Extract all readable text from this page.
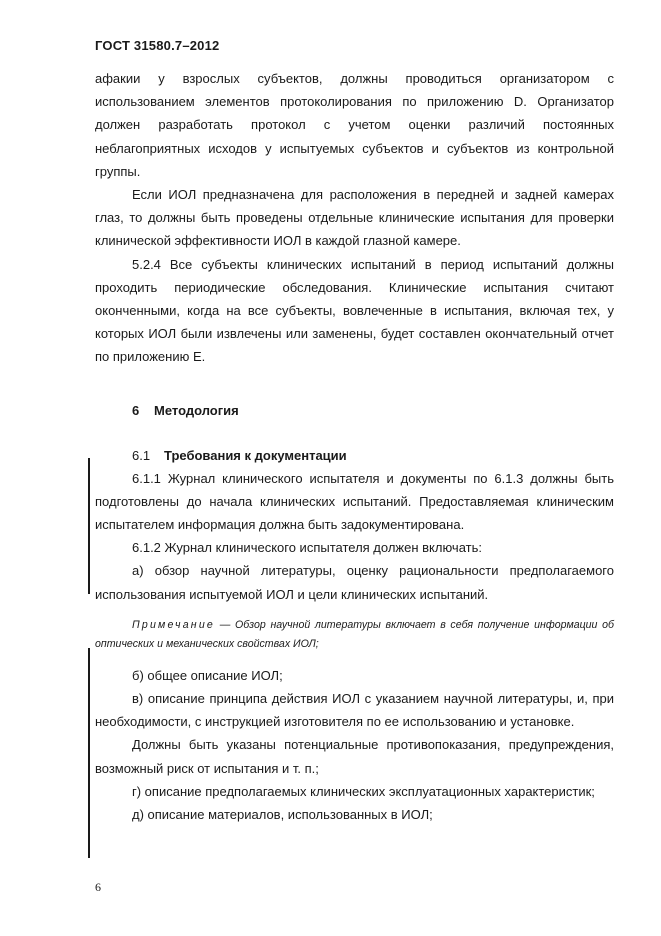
ГОСТ 31580.7–2012

афакии у взрослых субъектов, должны проводиться организатором с использованием элементов протоколирования по приложению D. Организатор должен разработать протокол с учетом оценки различий постоянных неблагоприятных исходов у испытуемых субъектов и субъектов из контрольной группы.

Если ИОЛ предназначена для расположения в передней и задней камерах глаз, то должны быть проведены отдельные клинические испытания для проверки клинической эффективности ИОЛ в каждой глазной камере.

5.2.4 Все субъекты клинических испытаний в период испытаний должны проходить периодические обследования. Клинические испытания считают оконченными, когда на все субъекты, вовлеченные в испытания, включая тех, у которых ИОЛ были извлечены или заменены, будет составлен окончательный отчет по приложению Е.

6 Методология
6.1 Требования к документации

6.1.1 Журнал клинического испытателя и документы по 6.1.3 должны быть подготовлены до начала клинических испытаний. Предоставляемая клиническим испытателем информация должна быть задокументирована.

6.1.2 Журнал клинического испытателя должен включать:

а) обзор научной литературы, оценку рациональности предполагаемого использования испытуемой ИОЛ и цели клинических испытаний.

Примечание — Обзор научной литературы включает в себя получение информации об оптических и механических свойствах ИОЛ;

б) общее описание ИОЛ;

в) описание принципа действия ИОЛ с указанием научной литературы, и, при необходимости, с инструкцией изготовителя по ее использованию и установке.

Должны быть указаны потенциальные противопоказания, предупреждения, возможный риск от испытания и т. п.;

г) описание предполагаемых клинических эксплуатационных характеристик;

д) описание материалов, использованных в ИОЛ;

6
